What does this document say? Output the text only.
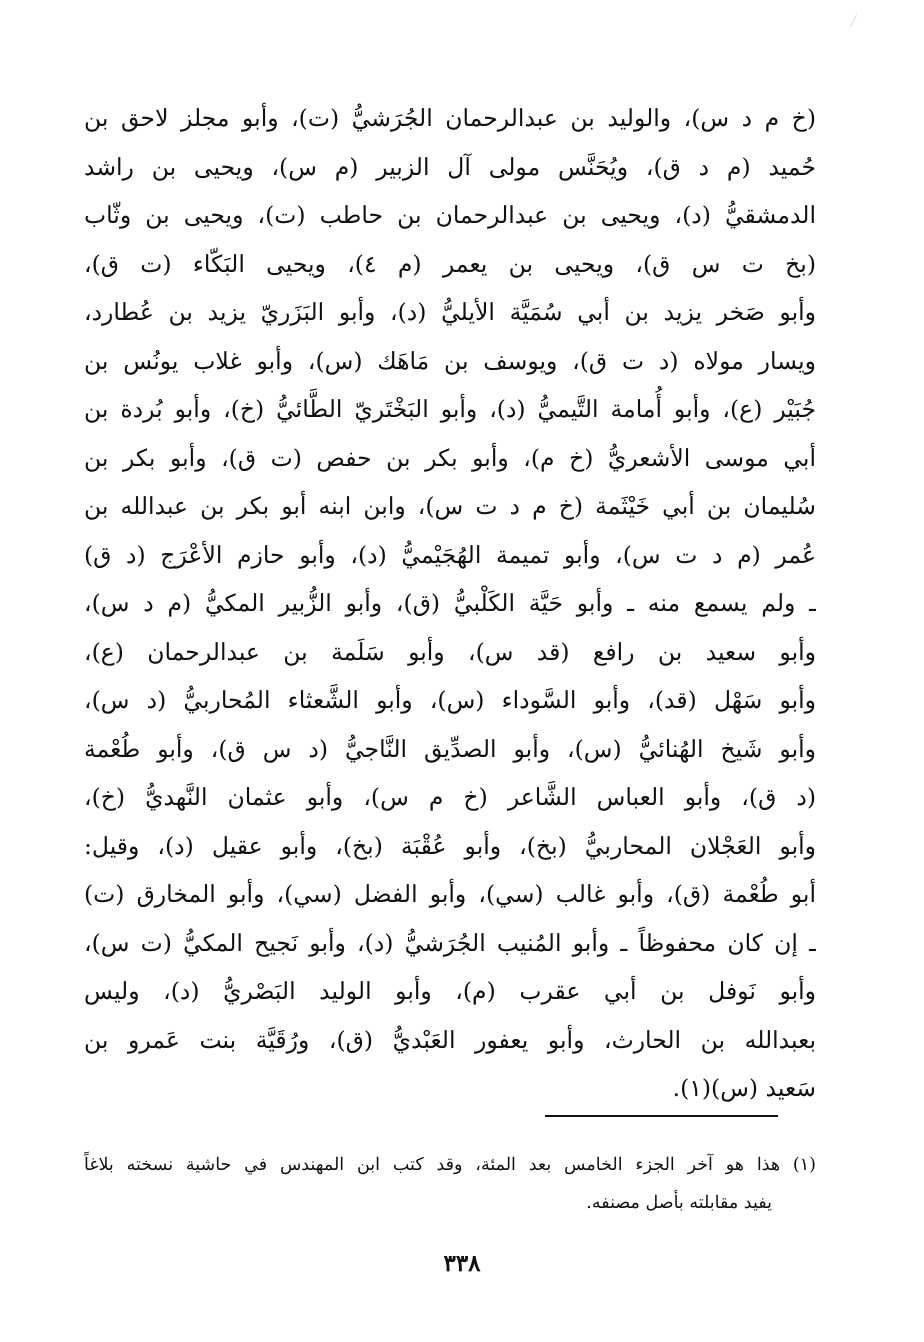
(خ م د س)، والوليد بن عبدالرحمان الجُرَشيُّ (ت)، وأبو مجلز لاحق بن
حُميد (م د ق)، ويُحَنَّس مولى آل الزبير (م س)، ويحيى بن راشد
الدمشقيُّ (د)، ويحيى بن عبدالرحمان بن حاطب (ت)، ويحيى بن وثّاب
(بخ ت س ق)، ويحيى بن يعمر (م ٤)، ويحيى البَكّاء (ت ق)،
وأبو صَخر يزيد بن أبي سُمَيَّة الأيليُّ (د)، وأبو البَزَريّ يزيد بن عُطارد،
ويسار مولاه (د ت ق)، ويوسف بن مَاهَك (س)، وأبو غلاب يونُس بن
جُبَيْر (ع)، وأبو أُمامة التَّيميُّ (د)، وأبو البَخْتَريّ الطَّائيُّ (خ)، وأبو بُردة بن
أبي موسى الأشعريُّ (خ م)، وأبو بكر بن حفص (ت ق)، وأبو بكر بن
سُليمان بن أبي خَيْثَمة (خ م د ت س)، وابن ابنه أبو بكر بن عبدالله بن
عُمر (م د ت س)، وأبو تميمة الهُجَيْميُّ (د)، وأبو حازم الأعْرَج (د ق)
ـ ولم يسمع منه ـ وأبو حَيَّة الكَلْبيُّ (ق)، وأبو الزُّبير المكيُّ (م د س)،
وأبو سعيد بن رافع (قد س)، وأبو سَلَمة بن عبدالرحمان (ع)،
وأبو سَهْل (قد)، وأبو السَّوداء (س)، وأبو الشَّعثاء المُحاربيُّ (د س)،
وأبو شَيخ الهُنائيُّ (س)، وأبو الصدِّيق النَّاجيُّ (د س ق)، وأبو طُعْمة
(د ق)، وأبو العباس الشَّاعر (خ م س)، وأبو عثمان النَّهديُّ (خ)،
وأبو العَجْلان المحاربيُّ (بخ)، وأبو عُقْبَة (بخ)، وأبو عقيل (د)، وقيل:
أبو طُعْمة (ق)، وأبو غالب (سي)، وأبو الفضل (سي)، وأبو المخارق (ت)
ـ إن كان محفوظاً ـ وأبو المُنيب الجُرَشيُّ (د)، وأبو نَجيح المكيُّ (ت س)،
وأبو نَوفل بن أبي عقرب (م)، وأبو الوليد البَصْريُّ (د)، وليس
بعبدالله بن الحارث، وأبو يعفور العَبْديُّ (ق)، ورُقَيَّة بنت عَمرو بن
سَعيد (س)(١).
(١) هذا هو آخر الجزء الخامس بعد المئة، وقد كتب ابن المهندس في حاشية نسخته بلاغاً
يفيد مقابلته بأصل مصنفه.
٣٣٨
